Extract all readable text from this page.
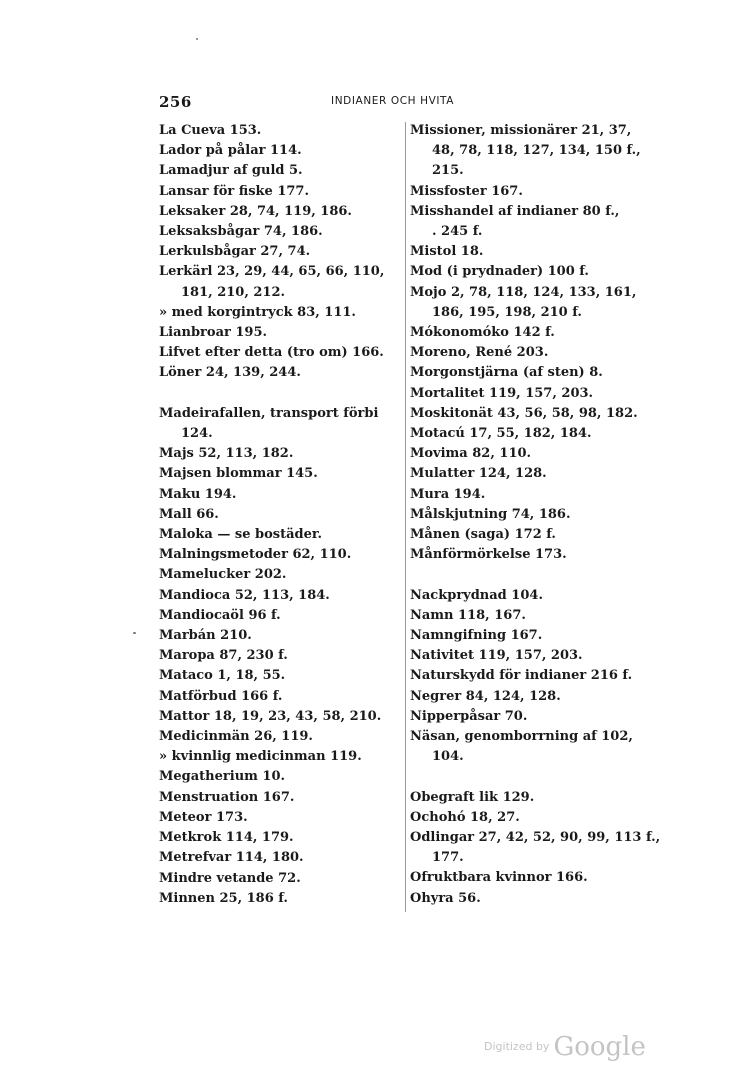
256	INDIANER OCH HVITA
La Cueva 153.
Lador på pålar 114.
Lamadjur af guld 5.
Lansar för fiske 177.
Leksaker 28, 74, 119, 186.
Leksaksbågar 74, 186.
Lerkulsbågar 27, 74.
Lerkärl 23, 29, 44, 65, 66, 110,
181, 210, 212.
» med korgintryck 83, 111.
Lianbroar 195.
Lifvet efter detta (tro om) 166.
Löner 24, 139, 244.
Madeirafallen, transport förbi
124.
Majs 52, 113, 182.
Majsen blommar 145.
Maku 194.
Mall 66.
Maloka — se bostäder.
Malningsmetoder 62, 110.
Mamelucker 202.
Mandioca 52, 113, 184.
Mandiocaöl 96 f.
Marbán 210.
Maropa 87, 230 f.
Mataco 1, 18, 55.
Matförbud 166 f.
Mattor 18, 19, 23, 43, 58, 210.
Medicinmän 26, 119.
» kvinnlig medicinman 119.
Megatherium 10.
Menstruation 167.
Meteor 173.
Metkrok 114, 179.
Metrefvar 114, 180.
Mindre vetande 72.
Minnen 25, 186 f.
Missioner, missionärer 21, 37,
48, 78, 118, 127, 134, 150 f.,
215.
Missfoster 167.
Misshandel af indianer 80 f.,
. 245 f.
Mistol 18.
Mod (i prydnader) 100 f.
Mojo 2, 78, 118, 124, 133, 161,
186, 195, 198, 210 f.
Mókonomóko 142 f.
Moreno, René 203.
Morgonstjärna (af sten) 8.
Mortalitet 119, 157, 203.
Moskitonät 43, 56, 58, 98, 182.
Motacú 17, 55, 182, 184.
Movima 82, 110.
Mulatter 124, 128.
Mura 194.
Målskjutning 74, 186.
Månen (saga) 172 f.
Månförmörkelse 173.
Nackprydnad 104.
Namn 118, 167.
Namngifning 167.
Nativitet 119, 157, 203.
Naturskydd för indianer 216 f.
Negrer 84, 124, 128.
Nipperpåsar 70.
Näsan, genomborrning af 102,
104.
Obegraft lik 129.
Ochohó 18, 27.
Odlingar 27, 42, 52, 90, 99, 113 f.,
177.
Ofruktbara kvinnor 166.
Ohyra 56.
$^{Digitized by}$ Google
